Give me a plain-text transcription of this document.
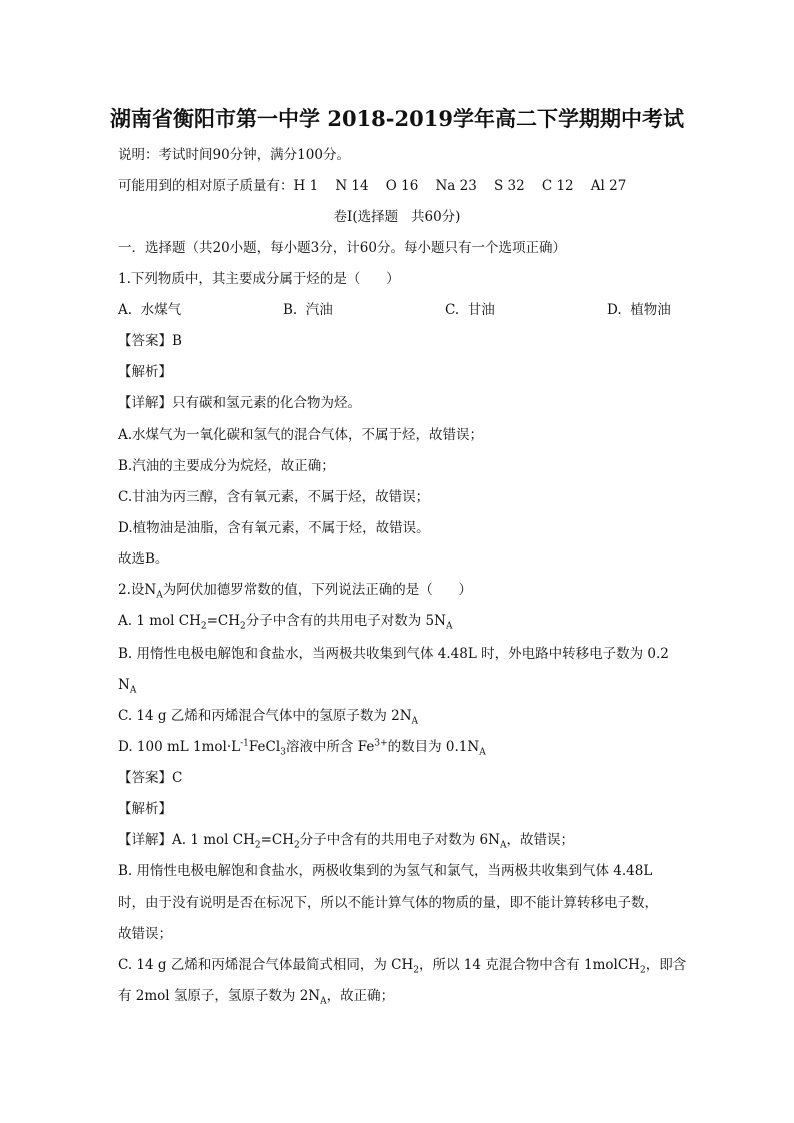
湖南省衡阳市第一中学 2018-2019学年高二下学期期中考试
说明：考试时间90分钟，满分100分。
可能用到的相对原子质量有：H 1    N 14    O 16    Na 23    S 32    C 12    Al 27
卷Ⅰ(选择题   共60分)
一．选择题（共20小题，每小题3分，计60分。每小题只有一个选项正确）
1.下列物质中，其主要成分属于烃的是（      ）
A.  水煤气	B.  汽油	C.  甘油	D.  植物油
【答案】B
【解析】
【详解】只有碳和氢元素的化合物为烃。
A.水煤气为一氧化碳和氢气的混合气体，不属于烃，故错误；
B.汽油的主要成分为烷烃，故正确；
C.甘油为丙三醇，含有氧元素，不属于烃，故错误；
D.植物油是油脂，含有氧元素，不属于烃，故错误。
故选B。
2.设$N_A$为阿伏加德罗常数的值，下列说法正确的是（      ）
A. 1 mol $CH_2=CH_2$分子中含有的共用电子对数为 $5N_A$
B. 用惰性电极电解饱和食盐水，当两极共收集到气体 4.48L 时，外电路中转移电子数为 0.2
$N_A$
C. 14 g 乙烯和丙烯混合气体中的氢原子数为 $2N_A$
D. 100 mL $1mol\cdot L^{-1}FeCl_3$溶液中所含 $Fe^{3+}$的数目为 $0.1N_A$
【答案】C
【解析】
【详解】A. 1 mol $CH_2=CH_2$分子中含有的共用电子对数为 $6N_A$，故错误；
B. 用惰性电极电解饱和食盐水，两极收集到的为氢气和氯气，当两极共收集到气体 4.48L
时，由于没有说明是否在标况下，所以不能计算气体的物质的量，即不能计算转移电子数，
故错误；
C. 14 g 乙烯和丙烯混合气体最简式相同，为 $CH_2$，所以 14 克混合物中含有 1molCH$_2$，即含
有 2mol 氢原子，氢原子数为 $2N_A$，故正确；
